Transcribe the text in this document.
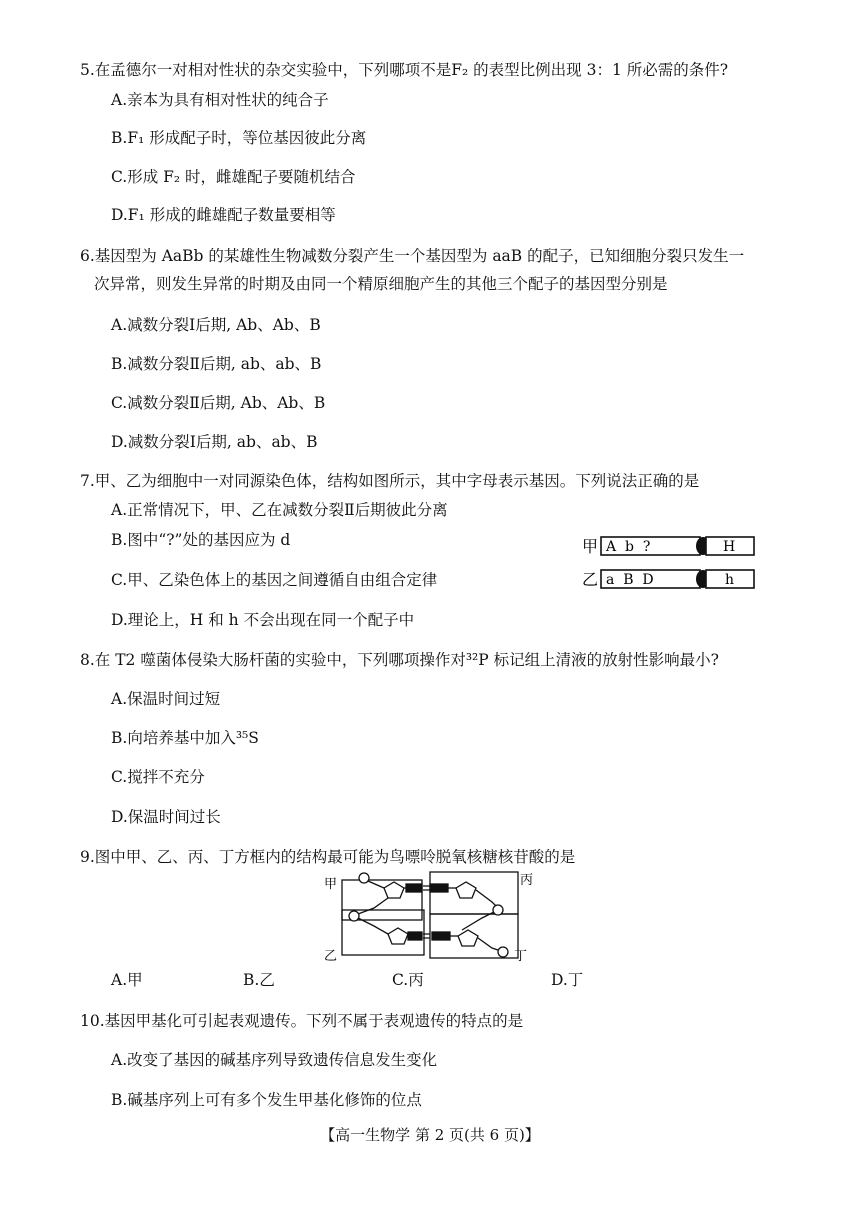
5.在孟德尔一对相对性状的杂交实验中，下列哪项不是F₂ 的表型比例出现 3：1 所必需的条件?
A.亲本为具有相对性状的纯合子
B.F₁ 形成配子时，等位基因彼此分离
C.形成 F₂ 时，雌雄配子要随机结合
D.F₁ 形成的雌雄配子数量要相等
6.基因型为 AaBb 的某雄性生物减数分裂产生一个基因型为 aaB 的配子，已知细胞分裂只发生一
次异常，则发生异常的时期及由同一个精原细胞产生的其他三个配子的基因型分别是
A.减数分裂Ⅰ后期, Ab、Ab、B
B.减数分裂Ⅱ后期, ab、ab、B
C.减数分裂Ⅱ后期, Ab、Ab、B
D.减数分裂Ⅰ后期, ab、ab、B
7.甲、乙为细胞中一对同源染色体，结构如图所示，其中字母表示基因。下列说法正确的是
A.正常情况下，甲、乙在减数分裂Ⅱ后期彼此分离
B.图中“?”处的基因应为 d
C.甲、乙染色体上的基因之间遵循自由组合定律
D.理论上，H 和 h 不会出现在同一个配子中
甲 A  b  ?	H
乙 a  B  D	h
8.在 T2 噬菌体侵染大肠杆菌的实验中，下列哪项操作对³²P 标记组上清液的放射性影响最小?
A.保温时间过短
B.向培养基中加入³⁵S
C.搅拌不充分
D.保温时间过长
9.图中甲、乙、丙、丁方框内的结构最可能为鸟嘌呤脱氧核糖核苷酸的是
甲
乙
丙
丁
A.甲	B.乙	C.丙	D.丁
10.基因甲基化可引起表观遗传。下列不属于表观遗传的特点的是
A.改变了基因的碱基序列导致遗传信息发生变化
B.碱基序列上可有多个发生甲基化修饰的位点
【高一生物学 第 2 页(共 6 页)】
